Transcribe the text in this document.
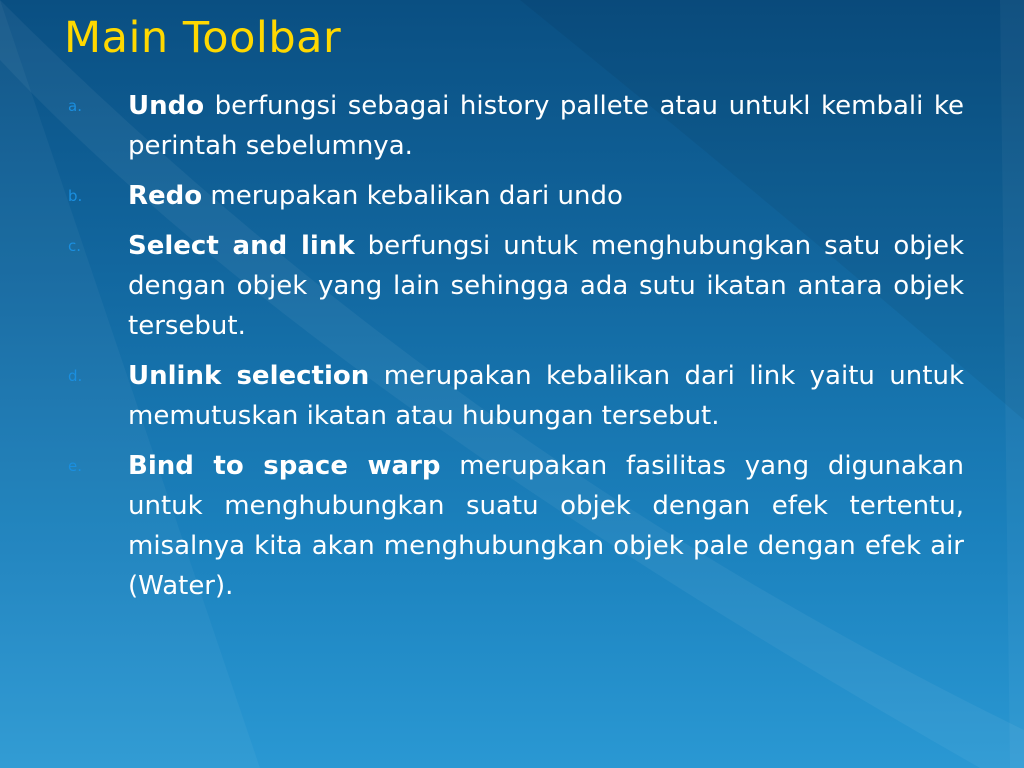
Main Toolbar
a.	Undo berfungsi sebagai history pallete atau untukl kembali ke perintah sebelumnya.
b.	Redo merupakan kebalikan dari undo
c.	Select and link berfungsi untuk menghubungkan satu objek dengan objek yang lain sehingga ada sutu ikatan antara objek tersebut.
d.	Unlink selection merupakan kebalikan dari link yaitu untuk memutuskan ikatan atau hubungan tersebut.
e.	Bind to space warp merupakan fasilitas yang digunakan untuk menghubungkan suatu objek dengan efek tertentu, misalnya kita akan menghubungkan objek pale dengan efek air (Water).
